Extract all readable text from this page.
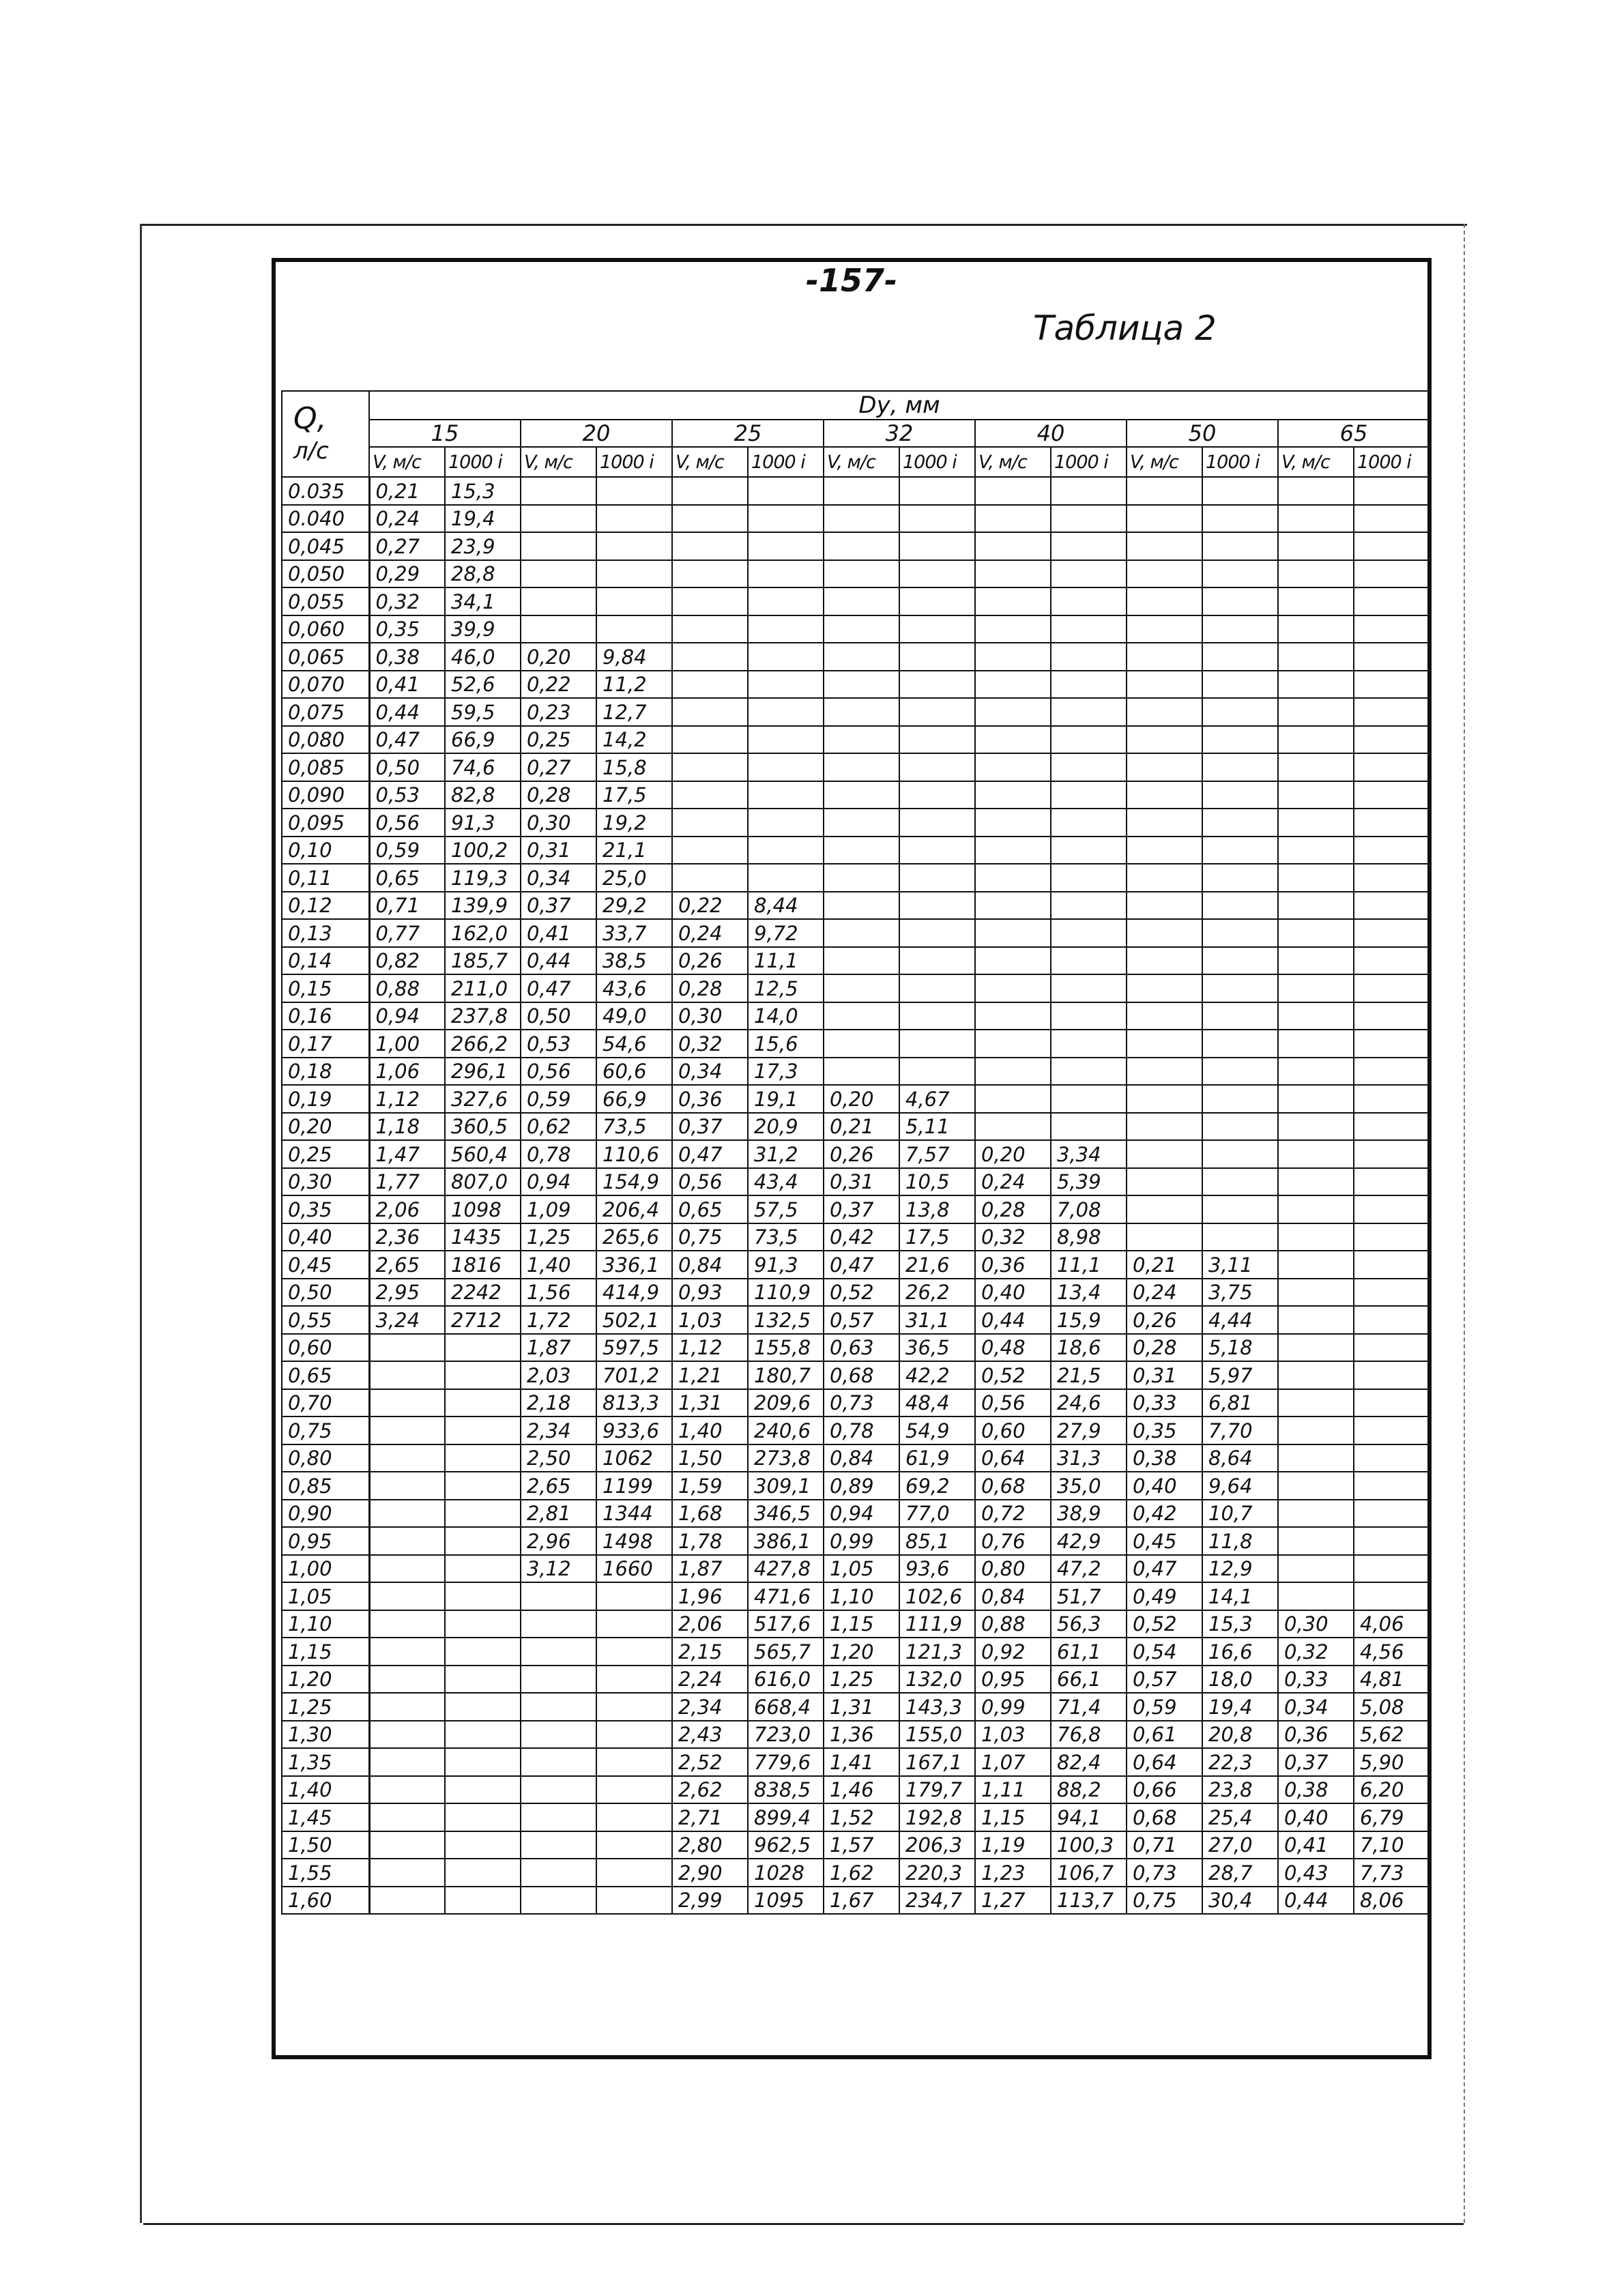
-157-
Таблица 2
Q,
л/с	Dу, мм													
	15		20		25		32		40		50		65	
	V, м/с	1000 i	V, м/с	1000 i	V, м/с	1000 i	V, м/с	1000 i	V, м/с	1000 i	V, м/с	1000 i	V, м/с	1000 i
0.035	0,21	15,3												
0.040	0,24	19,4												
0,045	0,27	23,9												
0,050	0,29	28,8												
0,055	0,32	34,1												
0,060	0,35	39,9												
0,065	0,38	46,0	0,20	9,84										
0,070	0,41	52,6	0,22	11,2										
0,075	0,44	59,5	0,23	12,7										
0,080	0,47	66,9	0,25	14,2										
0,085	0,50	74,6	0,27	15,8										
0,090	0,53	82,8	0,28	17,5										
0,095	0,56	91,3	0,30	19,2										
0,10	0,59	100,2	0,31	21,1										
0,11	0,65	119,3	0,34	25,0										
0,12	0,71	139,9	0,37	29,2	0,22	8,44								
0,13	0,77	162,0	0,41	33,7	0,24	9,72								
0,14	0,82	185,7	0,44	38,5	0,26	11,1								
0,15	0,88	211,0	0,47	43,6	0,28	12,5								
0,16	0,94	237,8	0,50	49,0	0,30	14,0								
0,17	1,00	266,2	0,53	54,6	0,32	15,6								
0,18	1,06	296,1	0,56	60,6	0,34	17,3								
0,19	1,12	327,6	0,59	66,9	0,36	19,1	0,20	4,67						
0,20	1,18	360,5	0,62	73,5	0,37	20,9	0,21	5,11						
0,25	1,47	560,4	0,78	110,6	0,47	31,2	0,26	7,57	0,20	3,34				
0,30	1,77	807,0	0,94	154,9	0,56	43,4	0,31	10,5	0,24	5,39				
0,35	2,06	1098	1,09	206,4	0,65	57,5	0,37	13,8	0,28	7,08				
0,40	2,36	1435	1,25	265,6	0,75	73,5	0,42	17,5	0,32	8,98				
0,45	2,65	1816	1,40	336,1	0,84	91,3	0,47	21,6	0,36	11,1	0,21	3,11		
0,50	2,95	2242	1,56	414,9	0,93	110,9	0,52	26,2	0,40	13,4	0,24	3,75		
0,55	3,24	2712	1,72	502,1	1,03	132,5	0,57	31,1	0,44	15,9	0,26	4,44		
0,60			1,87	597,5	1,12	155,8	0,63	36,5	0,48	18,6	0,28	5,18		
0,65			2,03	701,2	1,21	180,7	0,68	42,2	0,52	21,5	0,31	5,97		
0,70			2,18	813,3	1,31	209,6	0,73	48,4	0,56	24,6	0,33	6,81		
0,75			2,34	933,6	1,40	240,6	0,78	54,9	0,60	27,9	0,35	7,70		
0,80			2,50	1062	1,50	273,8	0,84	61,9	0,64	31,3	0,38	8,64		
0,85			2,65	1199	1,59	309,1	0,89	69,2	0,68	35,0	0,40	9,64		
0,90			2,81	1344	1,68	346,5	0,94	77,0	0,72	38,9	0,42	10,7		
0,95			2,96	1498	1,78	386,1	0,99	85,1	0,76	42,9	0,45	11,8		
1,00			3,12	1660	1,87	427,8	1,05	93,6	0,80	47,2	0,47	12,9		
1,05					1,96	471,6	1,10	102,6	0,84	51,7	0,49	14,1		
1,10					2,06	517,6	1,15	111,9	0,88	56,3	0,52	15,3	0,30	4,06
1,15					2,15	565,7	1,20	121,3	0,92	61,1	0,54	16,6	0,32	4,56
1,20					2,24	616,0	1,25	132,0	0,95	66,1	0,57	18,0	0,33	4,81
1,25					2,34	668,4	1,31	143,3	0,99	71,4	0,59	19,4	0,34	5,08
1,30					2,43	723,0	1,36	155,0	1,03	76,8	0,61	20,8	0,36	5,62
1,35					2,52	779,6	1,41	167,1	1,07	82,4	0,64	22,3	0,37	5,90
1,40					2,62	838,5	1,46	179,7	1,11	88,2	0,66	23,8	0,38	6,20
1,45					2,71	899,4	1,52	192,8	1,15	94,1	0,68	25,4	0,40	6,79
1,50					2,80	962,5	1,57	206,3	1,19	100,3	0,71	27,0	0,41	7,10
1,55					2,90	1028	1,62	220,3	1,23	106,7	0,73	28,7	0,43	7,73
1,60					2,99	1095	1,67	234,7	1,27	113,7	0,75	30,4	0,44	8,06
